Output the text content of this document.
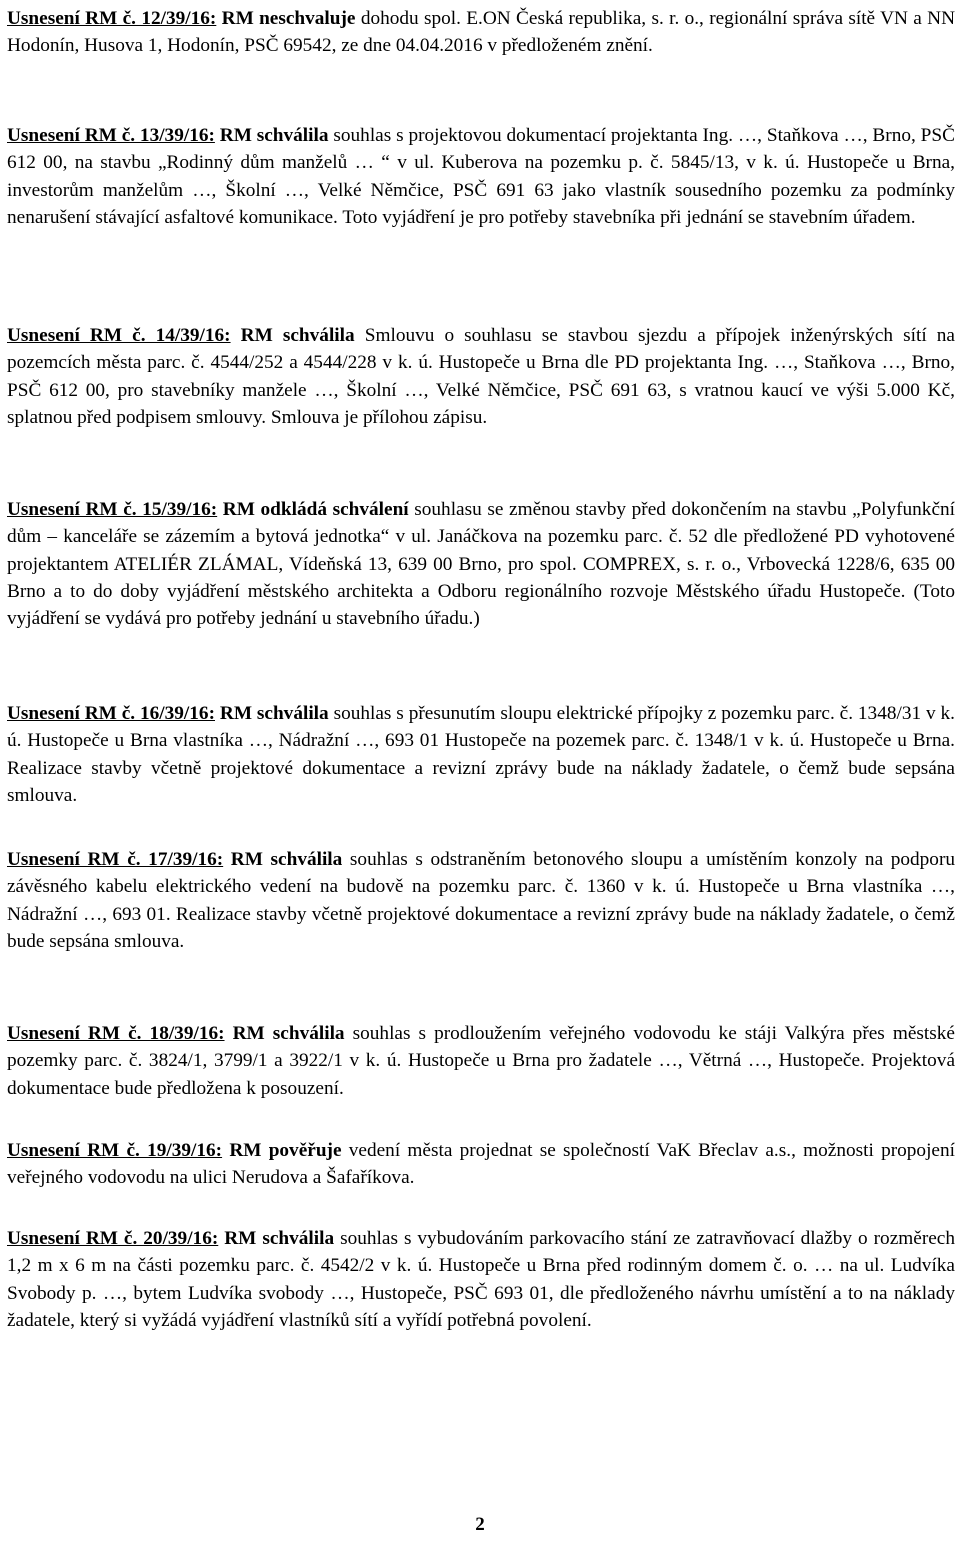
Usnesení RM č. 12/39/16: RM neschvaluje dohodu spol. E.ON Česká republika, s. r. o., regionální správa sítě VN a NN Hodonín, Husova 1, Hodonín, PSČ 69542, ze dne 04.04.2016 v předloženém znění.

Usnesení RM č. 13/39/16: RM schválila souhlas s projektovou dokumentací projektanta Ing. …, Staňkova …, Brno, PSČ 612 00, na stavbu „Rodinný dům manželů … “ v ul. Kuberova na pozemku p. č. 5845/13, v k. ú. Hustopeče u Brna, investorům manželům …, Školní …, Velké Němčice, PSČ 691 63 jako vlastník sousedního pozemku za podmínky nenarušení stávající asfaltové komunikace. Toto vyjádření je pro potřeby stavebníka při jednání se stavebním úřadem.

Usnesení RM č. 14/39/16: RM schválila Smlouvu o souhlasu se stavbou sjezdu a přípojek inženýrských sítí na pozemcích města parc. č. 4544/252 a 4544/228 v k. ú. Hustopeče u Brna dle PD projektanta Ing. …, Staňkova …, Brno, PSČ 612 00, pro stavebníky manžele …, Školní …, Velké Němčice, PSČ 691 63, s vratnou kaucí ve výši 5.000 Kč, splatnou před podpisem smlouvy. Smlouva je přílohou zápisu.

Usnesení RM č. 15/39/16: RM odkládá schválení souhlasu se změnou stavby před dokončením na stavbu „Polyfunkční dům – kanceláře se zázemím a bytová jednotka“ v ul. Janáčkova na pozemku parc. č. 52 dle předložené PD vyhotovené projektantem ATELIÉR ZLÁMAL, Vídeňská 13, 639 00 Brno, pro spol. COMPREX, s. r. o., Vrbovecká 1228/6, 635 00 Brno a to do doby vyjádření městského architekta a Odboru regionálního rozvoje Městského úřadu Hustopeče. (Toto vyjádření se vydává pro potřeby jednání u stavebního úřadu.)

Usnesení RM č. 16/39/16: RM schválila souhlas s přesunutím sloupu elektrické přípojky z pozemku parc. č. 1348/31 v k. ú. Hustopeče u Brna vlastníka …, Nádražní …, 693 01 Hustopeče na pozemek parc. č. 1348/1 v k. ú. Hustopeče u Brna. Realizace stavby včetně projektové dokumentace a revizní zprávy bude na náklady žadatele, o čemž bude sepsána smlouva.

Usnesení RM č. 17/39/16: RM schválila souhlas s odstraněním betonového sloupu a umístěním konzoly na podporu závěsného kabelu elektrického vedení na budově na pozemku parc. č. 1360 v k. ú. Hustopeče u Brna vlastníka …, Nádražní …, 693 01. Realizace stavby včetně projektové dokumentace a revizní zprávy bude na náklady žadatele, o čemž bude sepsána smlouva.

Usnesení RM č. 18/39/16: RM schválila souhlas s prodloužením veřejného vodovodu ke stáji Valkýra přes městské pozemky parc. č. 3824/1, 3799/1 a 3922/1 v k. ú. Hustopeče u Brna pro žadatele …, Větrná …, Hustopeče. Projektová dokumentace bude předložena k posouzení.

Usnesení RM č. 19/39/16: RM pověřuje vedení města projednat se společností VaK Břeclav a.s., možnosti propojení veřejného vodovodu na ulici Nerudova a Šafaříkova.

Usnesení RM č. 20/39/16: RM schválila souhlas s vybudováním parkovacího stání ze zatravňovací dlažby o rozměrech 1,2 m x 6 m na části pozemku parc. č. 4542/2 v k. ú. Hustopeče u Brna před rodinným domem č. o. … na ul. Ludvíka Svobody p. …, bytem Ludvíka svobody …, Hustopeče, PSČ 693 01, dle předloženého návrhu umístění a to na náklady žadatele, který si vyžádá vyjádření vlastníků sítí a vyřídí potřebná povolení.

2
